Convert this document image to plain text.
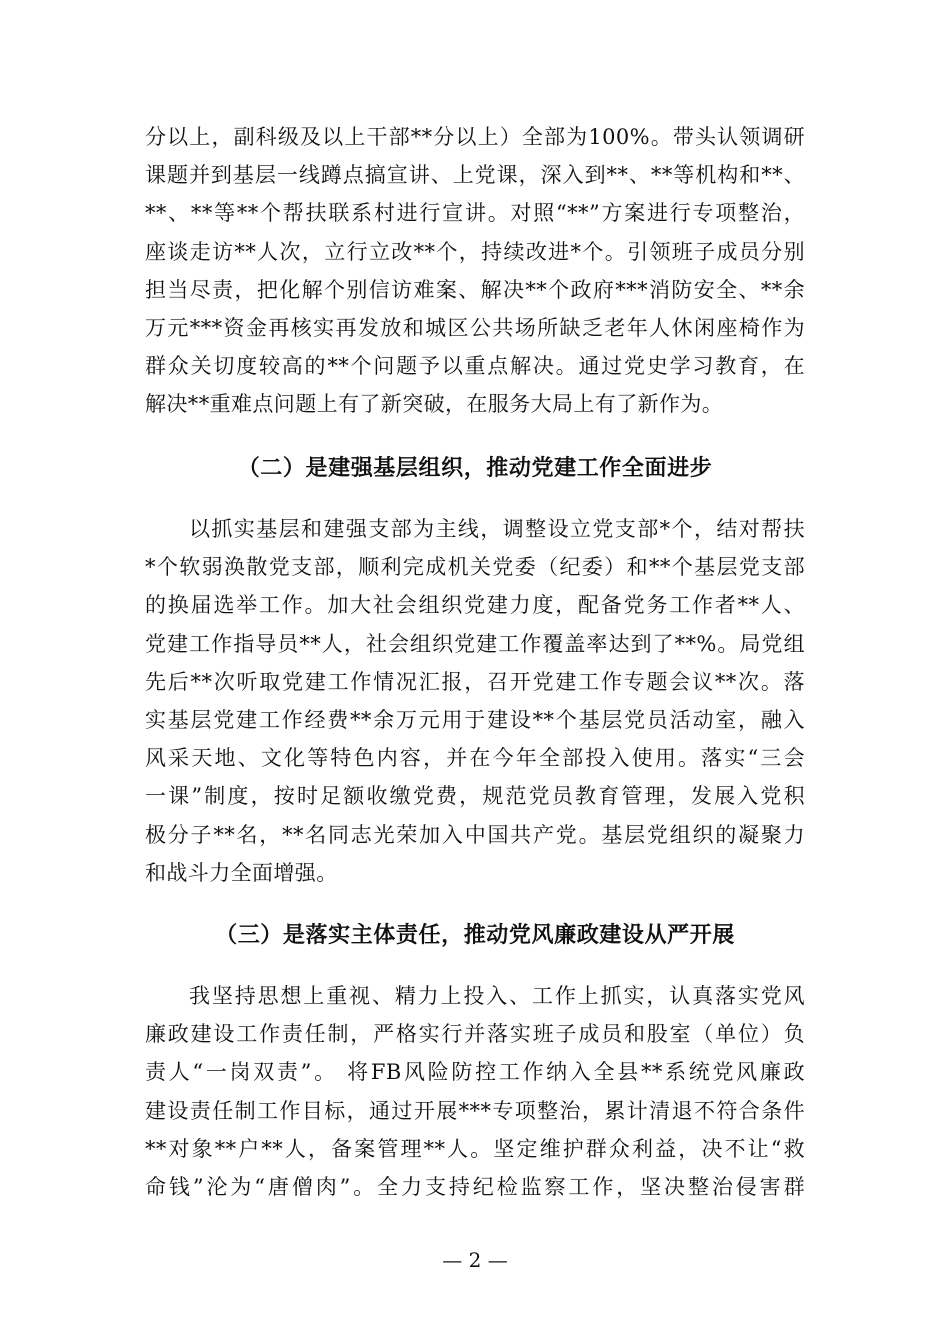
分以上，副科级及以上干部**分以上）全部为100%。带头认领调研
课题并到基层一线蹲点搞宣讲、上党课，深入到**、**等机构和**、
**、**等**个帮扶联系村进行宣讲。对照“**”方案进行专项整治，
座谈走访**人次，立行立改**个，持续改进*个。引领班子成员分别
担当尽责，把化解个别信访难案、解决**个政府***消防安全、**余
万元***资金再核实再发放和城区公共场所缺乏老年人休闲座椅作为
群众关切度较高的**个问题予以重点解决。通过党史学习教育，在
解决**重难点问题上有了新突破，在服务大局上有了新作为。
（二）是建强基层组织，推动党建工作全面进步
以抓实基层和建强支部为主线，调整设立党支部*个，结对帮扶
*个软弱涣散党支部，顺利完成机关党委（纪委）和**个基层党支部
的换届选举工作。加大社会组织党建力度，配备党务工作者**人、
党建工作指导员**人，社会组织党建工作覆盖率达到了**%。局党组
先后**次听取党建工作情况汇报，召开党建工作专题会议**次。落
实基层党建工作经费**余万元用于建设**个基层党员活动室，融入
风采天地、文化等特色内容，并在今年全部投入使用。落实“三会
一课”制度，按时足额收缴党费，规范党员教育管理，发展入党积
极分子**名，**名同志光荣加入中国共产党。基层党组织的凝聚力
和战斗力全面增强。
（三）是落实主体责任，推动党风廉政建设从严开展
我坚持思想上重视、精力上投入、工作上抓实，认真落实党风
廉政建设工作责任制，严格实行并落实班子成员和股室（单位）负
责人“一岗双责”。 将FB风险防控工作纳入全县**系统党风廉政
建设责任制工作目标，通过开展***专项整治，累计清退不符合条件
**对象**户**人，备案管理**人。坚定维护群众利益，决不让“救
命钱”沦为“唐僧肉”。全力支持纪检监察工作，坚决整治侵害群
— 2 —
